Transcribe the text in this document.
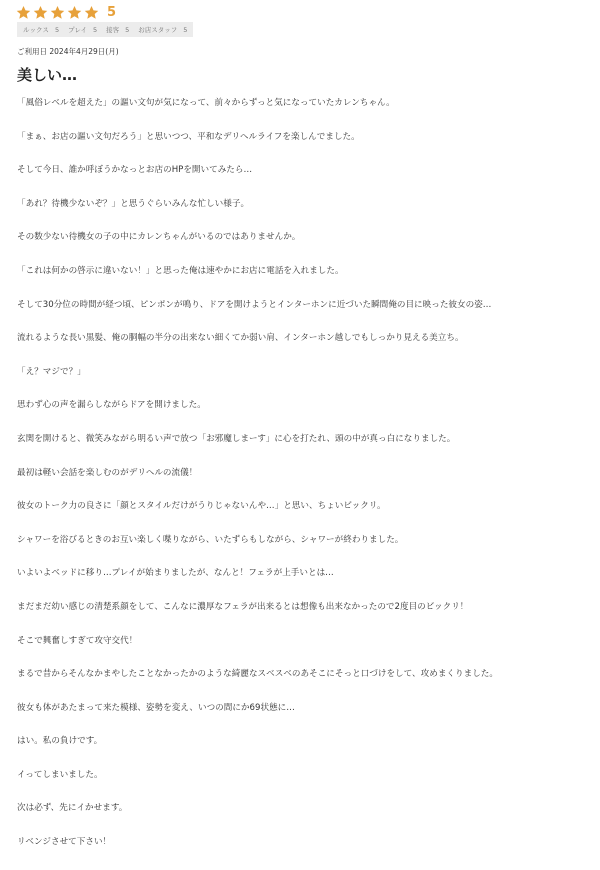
5
ルックス 5 プレイ 5 接客 5 お店スタッフ 5
ご利用日 2024年4月29日(月)
美しい…
「風俗レベルを超えた」の謳い文句が気になって、前々からずっと気になっていたカレンちゃん。
「まぁ、お店の謳い文句だろう」と思いつつ、平和なデリヘルライフを楽しんでました。
そして今日、誰か呼ぼうかなっとお店のHPを開いてみたら…
「あれ？待機少ないぞ？」と思うぐらいみんな忙しい様子。
その数少ない待機女の子の中にカレンちゃんがいるのではありませんか。
「これは何かの啓示に違いない！」と思った俺は速やかにお店に電話を入れました。
そして30分位の時間が経つ頃、ピンポンが鳴り、ドアを開けようとインターホンに近づいた瞬間俺の目に映った彼女の姿…
流れるような長い黒髪、俺の胴幅の半分の出来ない細くてか弱い肩、インターホン越しでもしっかり見える美立ち。
「え？マジで？」
思わず心の声を漏らしながらドアを開けました。
玄関を開けると、微笑みながら明るい声で放つ「お邪魔しまーす」に心を打たれ、頭の中が真っ白になりました。
最初は軽い会話を楽しむのがデリヘルの流儀！
彼女のトーク力の良さに「顔とスタイルだけがうりじゃないんや…」と思い、ちょいビックリ。
シャワーを浴びるときのお互い楽しく喋りながら、いたずらもしながら、シャワーが終わりました。
いよいよベッドに移り…プレイが始まりましたが、なんと！フェラが上手いとは…
まだまだ幼い感じの清楚系顔をして、こんなに濃厚なフェラが出来るとは想像も出来なかったので2度目のビックリ！
そこで興奮しすぎて攻守交代！
まるで昔からそんなかまやしたことなかったかのような綺麗なスベスベのあそこにそっと口づけをして、攻めまくりました。
彼女も体があたまって来た模様、姿勢を変え、いつの間にか69状態に…
はい。私の負けです。
イってしまいました。
次は必ず、先にイかせます。
リベンジさせて下さい！
